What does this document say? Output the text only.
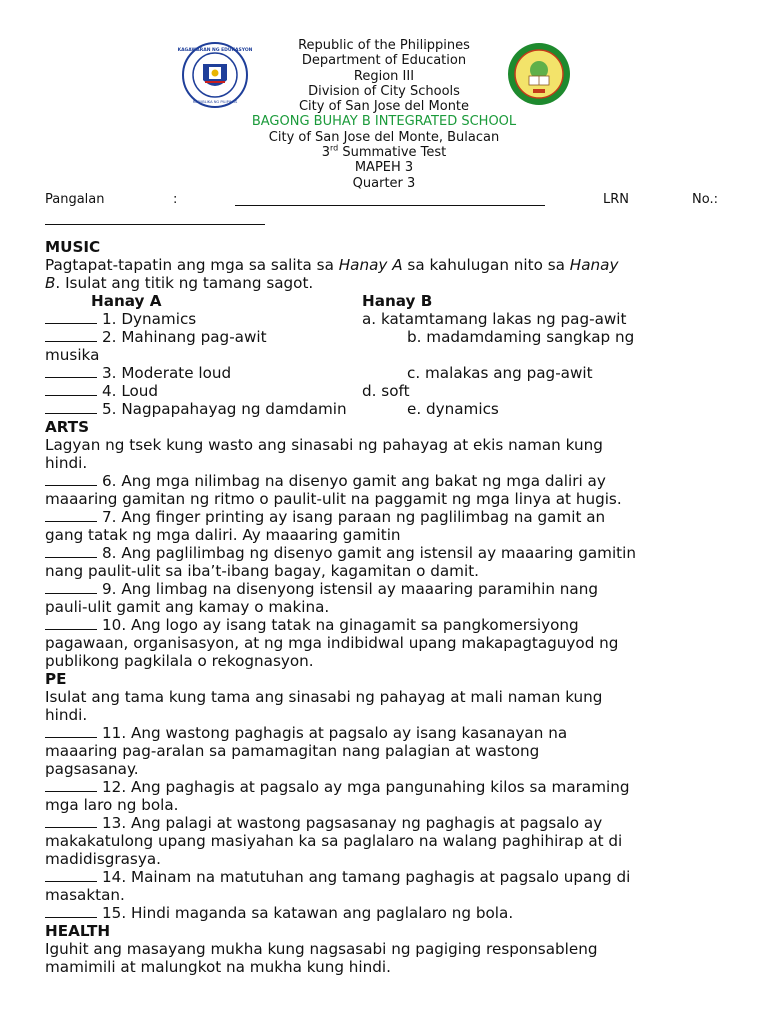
KAGAWARAN NG EDUKASYON
REPUBLIKA NG PILIPINAS
Republic of the Philippines
Department of Education
Region III
Division of City Schools
City of San Jose del Monte
BAGONG BUHAY B INTEGRATED SCHOOL
City of San Jose del Monte, Bulacan
3rd Summative Test
MAPEH 3
Quarter 3
Pangalan	:	LRN	No.:

MUSIC

Pagtapat-tapatin ang mga sa salita sa Hanay A sa kahulugan nito sa Hanay
B. Isulat ang titik ng tamang sagot.

Hanay A	Hanay B

1. Dynamics	a. katamtamang lakas ng pag-awit

2. Mahinang pag-awit	b. madamdaming sangkap ng

musika

3. Moderate loud	c. malakas ang pag-awit

4. Loud	d. soft

5. Nagpapahayag ng damdamin	e. dynamics

ARTS

Lagyan ng tsek kung wasto ang sinasabi ng pahayag at ekis naman kung
hindi.

6. Ang mga nilimbag na disenyo gamit ang bakat ng mga daliri ay
maaaring gamitan ng ritmo o paulit-ulit na paggamit ng mga linya at hugis.

7. Ang finger printing ay isang paraan ng paglilimbag na gamit an
gang tatak ng mga daliri. Ay maaaring gamitin

8. Ang paglilimbag ng disenyo gamit ang istensil ay maaaring gamitin
nang paulit-ulit sa iba’t-ibang bagay, kagamitan o damit.

9. Ang limbag na disenyong istensil ay maaaring paramihin nang
pauli-ulit gamit ang kamay o makina.

10. Ang logo ay isang tatak na ginagamit sa pangkomersiyong
pagawaan, organisasyon, at ng mga indibidwal upang makapagtaguyod ng
publikong pagkilala o rekognasyon.

PE

Isulat ang tama kung tama ang sinasabi ng pahayag at mali naman kung
hindi.

11. Ang wastong paghagis at pagsalo ay isang kasanayan na
maaaring pag-aralan sa pamamagitan nang palagian at wastong
pagsasanay.

12. Ang paghagis at pagsalo ay mga pangunahing kilos sa maraming
mga laro ng bola.

13. Ang palagi at wastong pagsasanay ng paghagis at pagsalo ay
makakatulong upang masiyahan ka sa paglalaro na walang paghihirap at di
madidisgrasya.

14. Mainam na matutuhan ang tamang paghagis at pagsalo upang di
masaktan.

15. Hindi maganda sa katawan ang paglalaro ng bola.

HEALTH

Iguhit ang masayang mukha kung nagsasabi ng pagiging responsableng
mamimili at malungkot na mukha kung hindi.
